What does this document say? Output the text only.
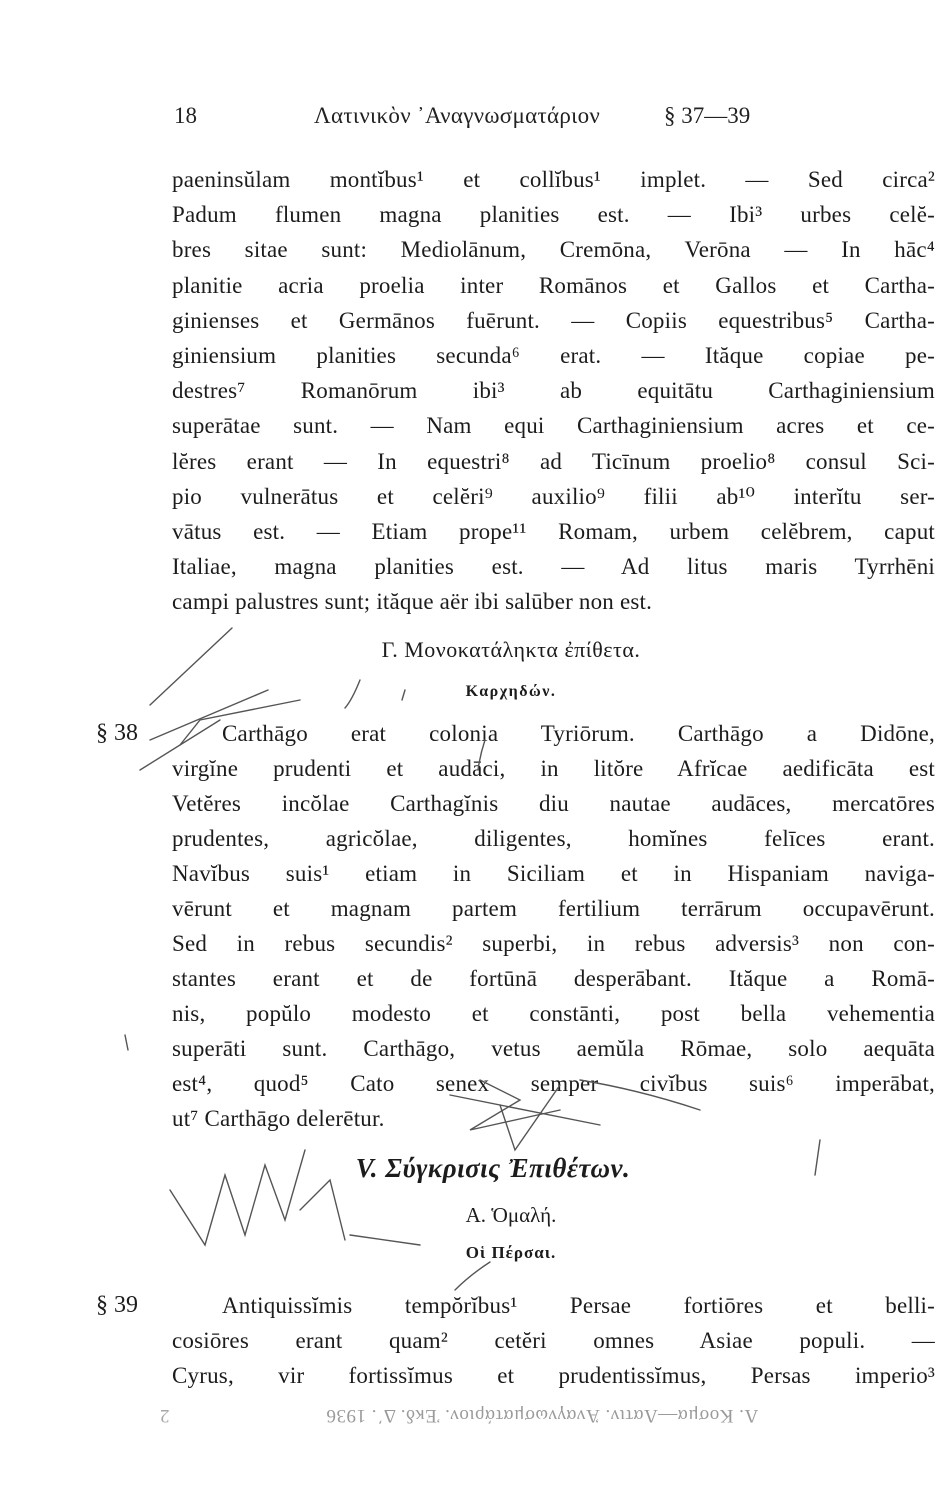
18	Λατινικὸν ᾿Αναγνωσματάριον	§ 37—39
paeninsŭlam montĭbus¹ et collĭbus¹ implet. — Sed circa²
Padum flumen magna planities est. — Ibi³ urbes celĕ-
bres sitae sunt: Mediolānum, Cremōna, Verōna — In hāc⁴
planitie acria proelia inter Romānos et Gallos et Cartha-
ginienses et Germānos fuērunt. — Copiis equestribus⁵ Cartha-
giniensium planities secunda⁶ erat. — Ităque copiae pe-
destres⁷ Romanōrum ibi³ ab equitātu Carthaginiensium
superātae sunt. — Nam equi Carthaginiensium acres et ce-
lĕres erant — In equestri⁸ ad Ticīnum proelio⁸ consul Sci-
pio vulnerātus et celĕri⁹ auxilio⁹ filii ab¹⁰ interĭtu ser-
vātus est. — Etiam prope¹¹ Romam, urbem celĕbrem, caput
Italiae, magna planities est. — Ad litus maris Tyrrhēni
campi palustres sunt; ităque aër ibi salūber non est.
Γ. Μονοκατάληκτα ἐπίθετα.
Καρχηδών.
§ 38	Carthāgo erat colonia Tyriōrum. Carthāgo a Didōne,
virgĭne prudenti et audāci, in litŏre Afrĭcae aedificāta est
Vetĕres incŏlae Carthagĭnis diu nautae audāces, mercatōres
prudentes, agricŏlae, diligentes, homĭnes felīces erant.
Navĭbus suis¹ etiam in Siciliam et in Hispaniam naviga-
vērunt et magnam partem fertilium terrārum occupavērunt.
Sed in rebus secundis² superbi, in rebus adversis³ non con-
stantes erant et de fortūnā desperābant. Ităque a Romā-
nis, popŭlo modesto et constānti, post bella vehementia
superāti sunt. Carthāgo, vetus aemŭla Rōmae, solo aequāta
est⁴, quod⁵ Cato senex semper civĭbus suis⁶ imperābat,
ut⁷ Carthāgo delerētur.
V. Σύγκρισις Ἐπιθέτων.
Α. Ὁμαλή.
Οἱ Πέρσαι.
§ 39	Antiquissĭmis tempŏrĭbus¹ Persae fortiōres et belli-
cosiōres erant quam² cetĕri omnes Asiae populi. —
Cyrus, vir fortissĭmus et prudentissĭmus, Persas imperio³
Λ. Κοσμα—Λατιν. Ἀναγνωσματάριον. Ἐκδ. Δ΄. 1936
2
